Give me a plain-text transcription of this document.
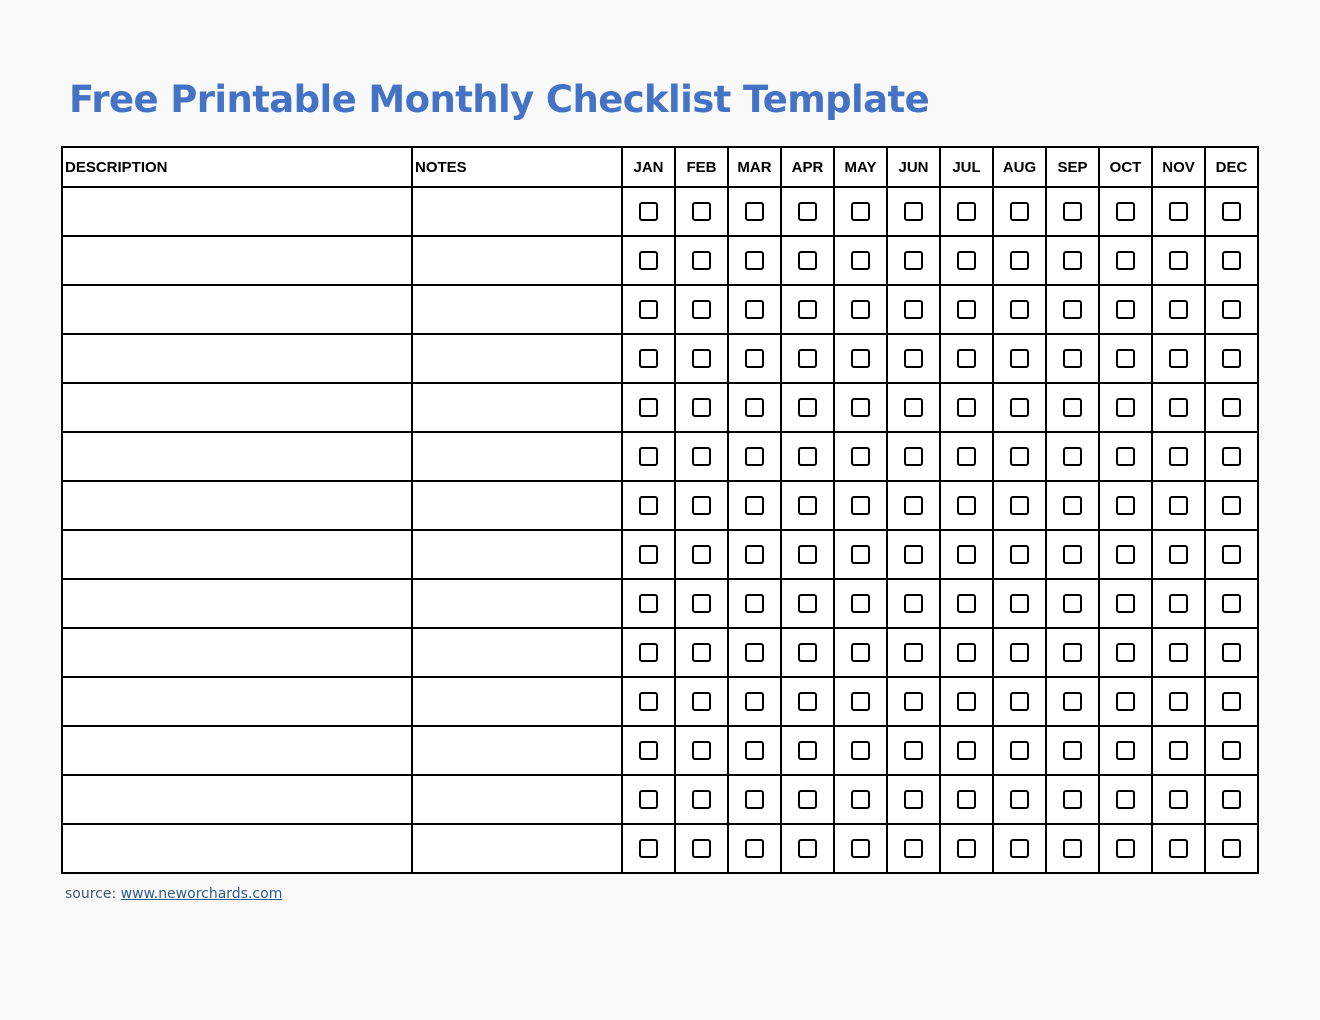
Free Printable Monthly Checklist Template
DESCRIPTION	NOTES	JAN	FEB	MAR	APR	MAY	JUN	JUL	AUG	SEP	OCT	NOV	DEC

source: www.neworchards.com
